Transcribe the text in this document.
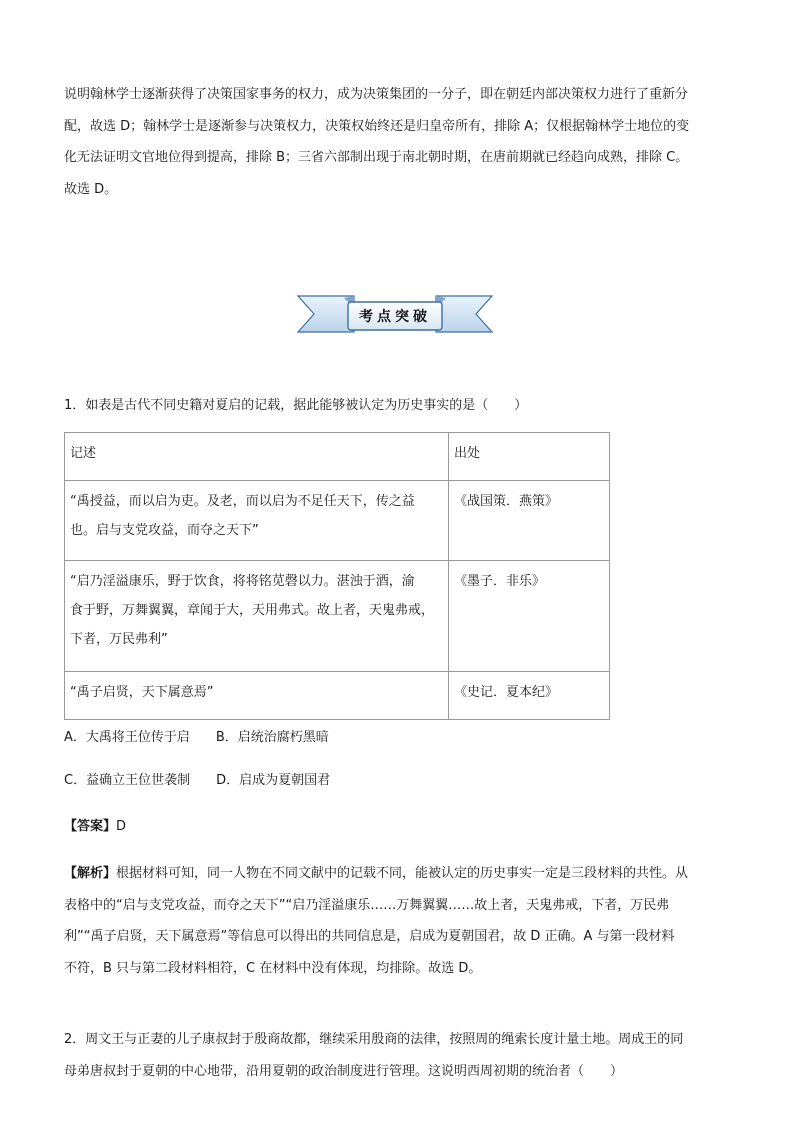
说明翰林学士逐渐获得了决策国家事务的权力，成为决策集团的一分子，即在朝廷内部决策权力进行了重新分
配，故选 D；翰林学士是逐渐参与决策权力，决策权始终还是归皇帝所有，排除 A；仅根据翰林学士地位的变
化无法证明文官地位得到提高，排除 B；三省六部制出现于南北朝时期，在唐前期就已经趋向成熟，排除 C。
故选 D。
考点突破
1．如表是古代不同史籍对夏启的记载，据此能够被认定为历史事实的是（　　）
记述	出处

“禹授益，而以启为吏。及老，而以启为不足任天下，传之益
也。启与支党攻益，而夺之天下”	《战国策．燕策》

“启乃淫溢康乐，野于饮食，将将铭苋磬以力。湛浊于酒，渝
食于野，万舞翼翼，章闻于大，天用弗式。故上者，天鬼弗戒，
下者，万民弗利”	《墨子．非乐》

“禹子启贤，天下属意焉”	《史记．夏本纪》
A．大禹将王位传于启　　B．启统治腐朽黑暗
C．益确立王位世袭制　　D．启成为夏朝国君
【答案】D
【解析】根据材料可知，同一人物在不同文献中的记载不同，能被认定的历史事实一定是三段材料的共性。从
表格中的“启与支党攻益，而夺之天下”“启乃淫溢康乐……万舞翼翼……故上者，天鬼弗戒，下者，万民弗
利”“禹子启贤，天下属意焉”等信息可以得出的共同信息是，启成为夏朝国君，故 D 正确。A 与第一段材料
不符，B 只与第二段材料相符，C 在材料中没有体现，均排除。故选 D。
2．周文王与正妻的儿子康叔封于殷商故都，继续采用殷商的法律，按照周的绳索长度计量土地。周成王的同
母弟唐叔封于夏朝的中心地带，沿用夏朝的政治制度进行管理。这说明西周初期的统治者（　　）
